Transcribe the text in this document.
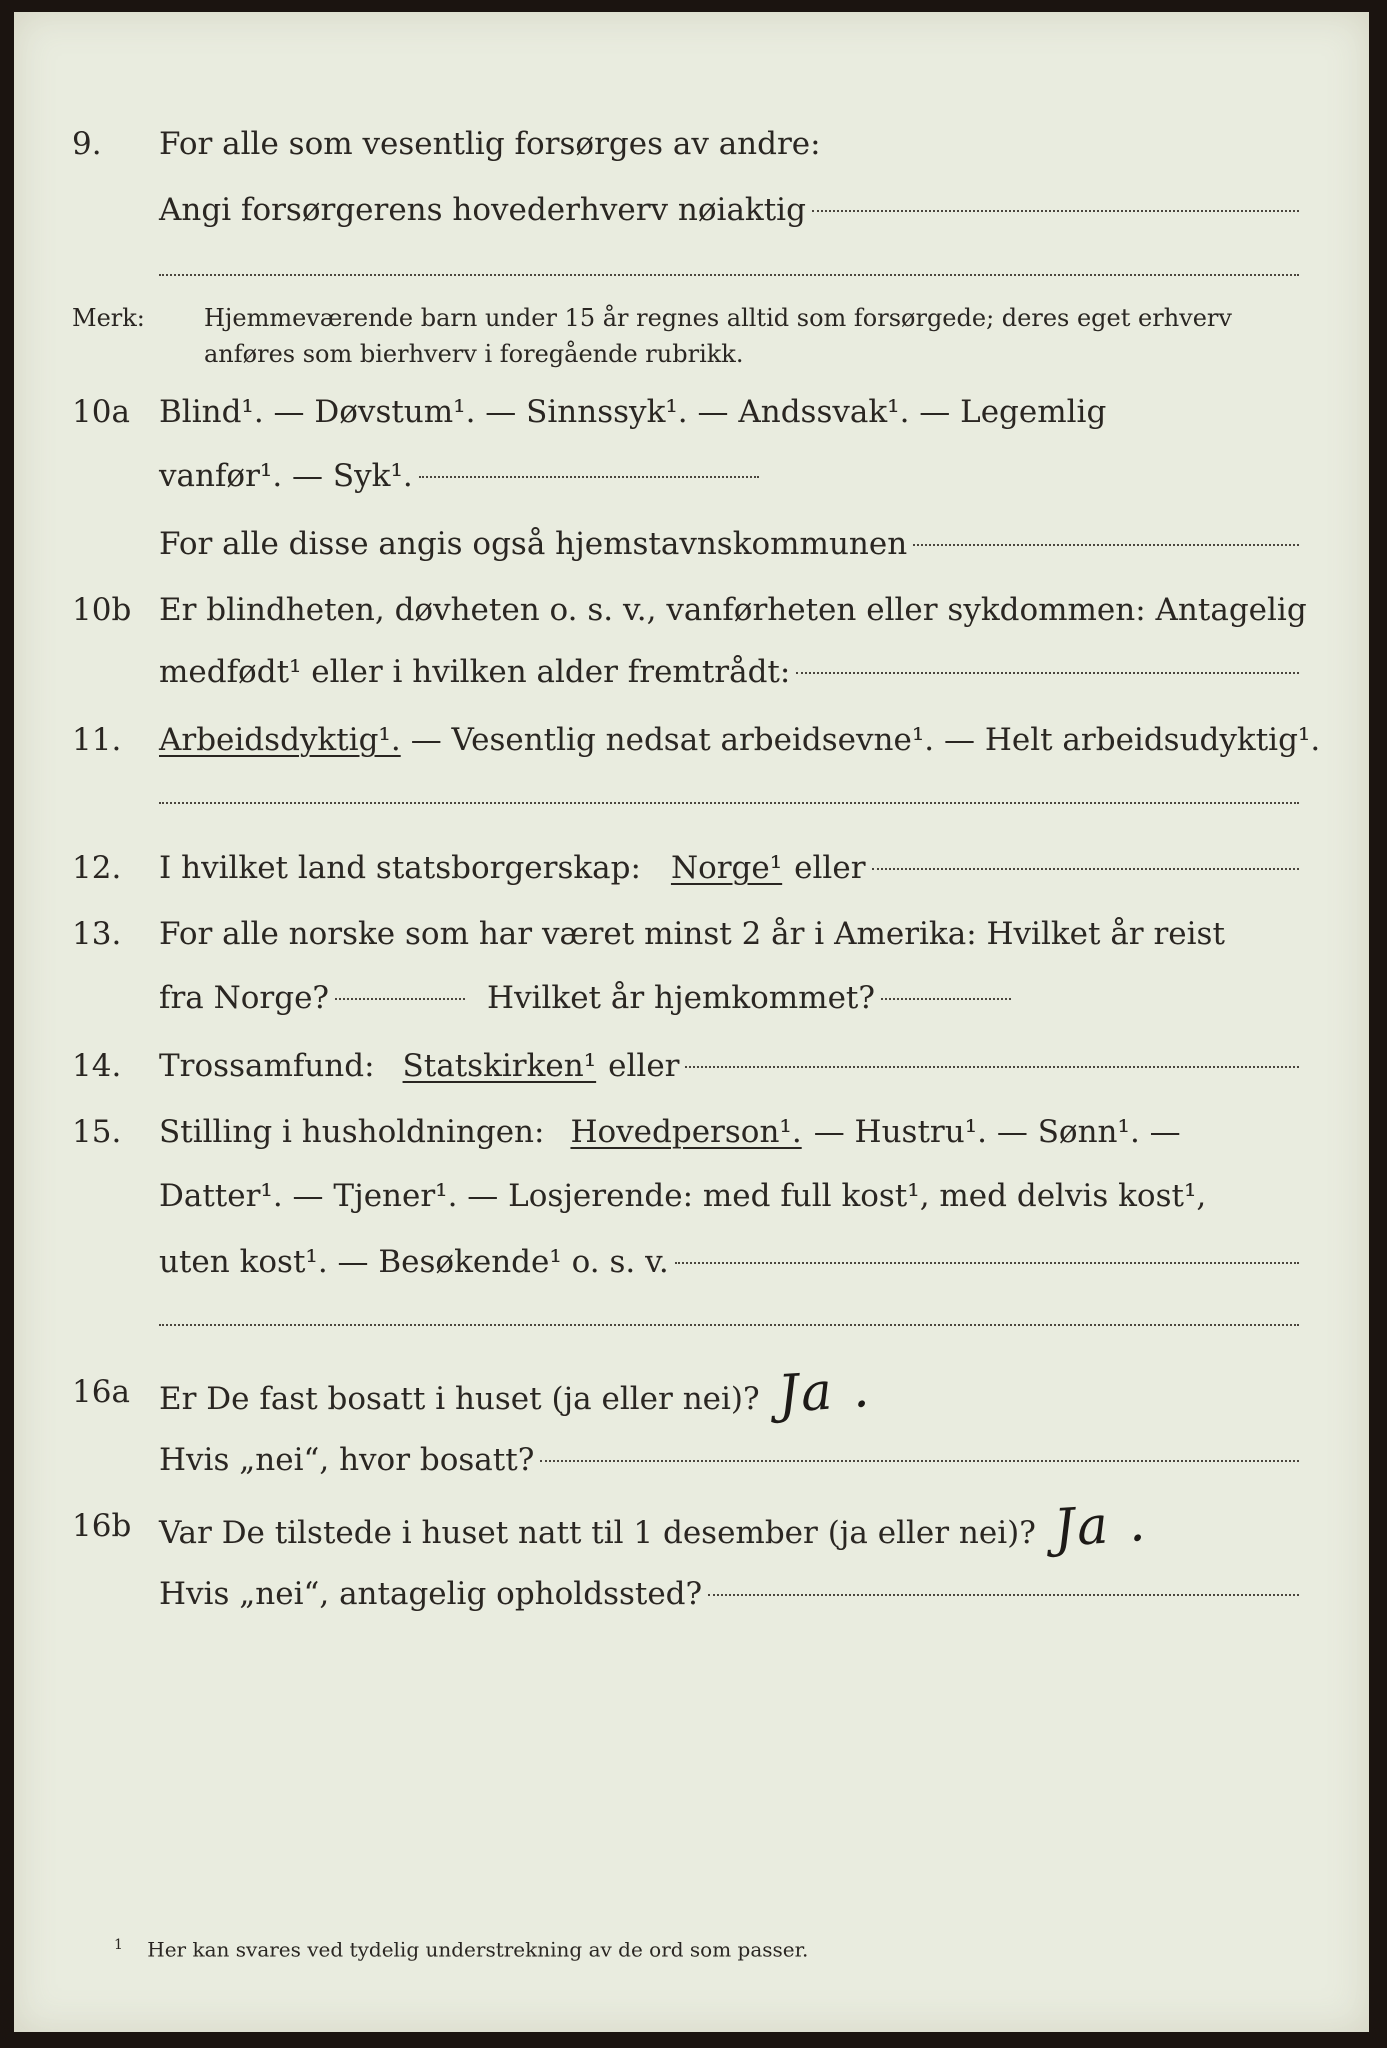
9. For alle som vesentlig forsørges av andre:
Angi forsørgerens hovederhverv nøiaktig
Merk: Hjemmeværende barn under 15 år regnes alltid som forsørgede; deres eget erhverv
anføres som bierhverv i foregående rubrikk.
10a Blind¹. — Døvstum¹. — Sinnssyk¹. — Andssvak¹. — Legemlig
vanfør¹. — Syk¹.
For alle disse angis også hjemstavnskommunen
10b Er blindheten, døvheten o. s. v., vanførheten eller sykdommen: Antagelig
medfødt¹ eller i hvilken alder fremtrådt:
11. Arbeidsdyktig¹. — Vesentlig nedsat arbeidsevne¹. — Helt arbeidsudyktig¹.
12. I hvilket land statsborgerskap: Norge¹ eller
13. For alle norske som har været minst 2 år i Amerika: Hvilket år reist
fra Norge?	Hvilket år hjemkommet?
14. Trossamfund: Statskirken¹ eller
15. Stilling i husholdningen: Hovedperson¹. — Hustru¹. — Sønn¹. —
Datter¹. — Tjener¹. — Losjerende: med full kost¹, med delvis kost¹,
uten kost¹. — Besøkende¹ o. s. v.
16a Er De fast bosatt i huset (ja eller nei)? Ja .
Hvis „nei“, hvor bosatt?
16b Var De tilstede i huset natt til 1 desember (ja eller nei)? Ja .
Hvis „nei“, antagelig opholdssted?
$^1$ Her kan svares ved tydelig understrekning av de ord som passer.
